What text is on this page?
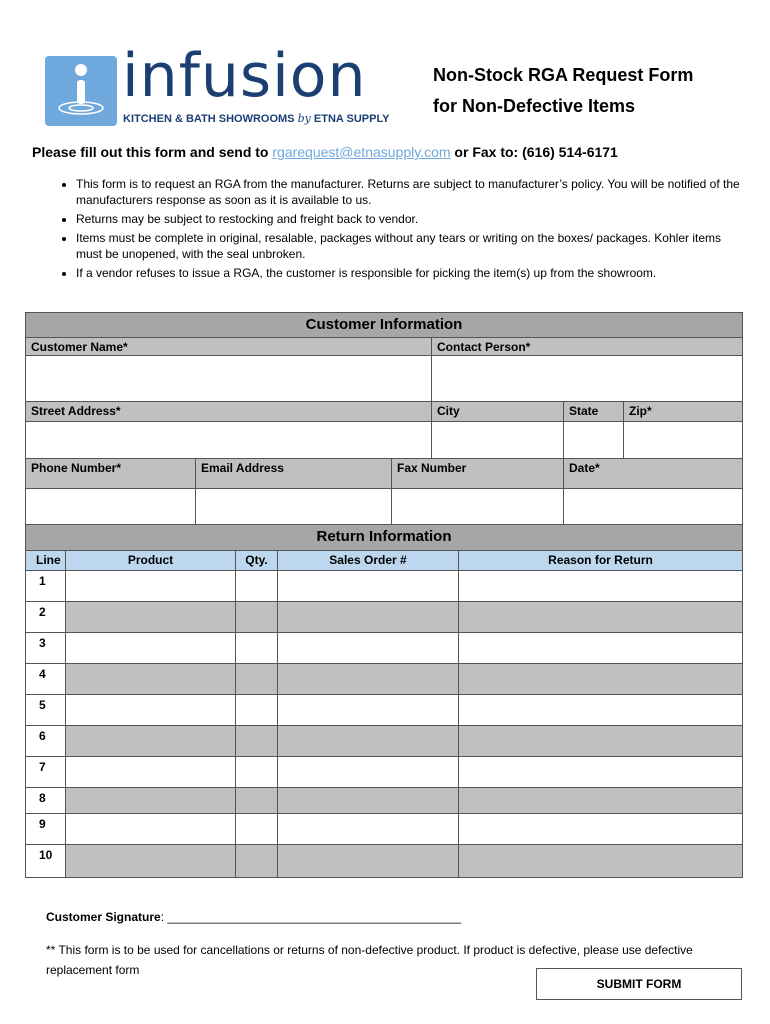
infusion
KITCHEN & BATH SHOWROOMS by ETNA SUPPLY
Non-Stock RGA Request Form
for Non-Defective Items
Please fill out this form and send to rgarequest@etnasupply.com or Fax to: (616) 514-6171
• This form is to request an RGA from the manufacturer. Returns are subject to manufacturer’s policy. You will be notified of the manufacturers response as soon as it is available to us.
• Returns may be subject to restocking and freight back to vendor.
• Items must be complete in original, resalable, packages without any tears or writing on the boxes/ packages. Kohler items must be unopened, with the seal unbroken.
• If a vendor refuses to issue a RGA, the customer is responsible for picking the item(s) up from the showroom.
Customer Information
Customer Name*	Contact Person*
Street Address*	City	State	Zip*
Phone Number*	Email Address	Fax Number	Date*
Return Information
Line	Product	Qty.	Sales Order #	Reason for Return
1
2
3
4
5
6
7
8
9
10
Customer Signature: ____________________________________________
** This form is to be used for cancellations or returns of non-defective product. If product is defective, please use defective replacement form
SUBMIT FORM
